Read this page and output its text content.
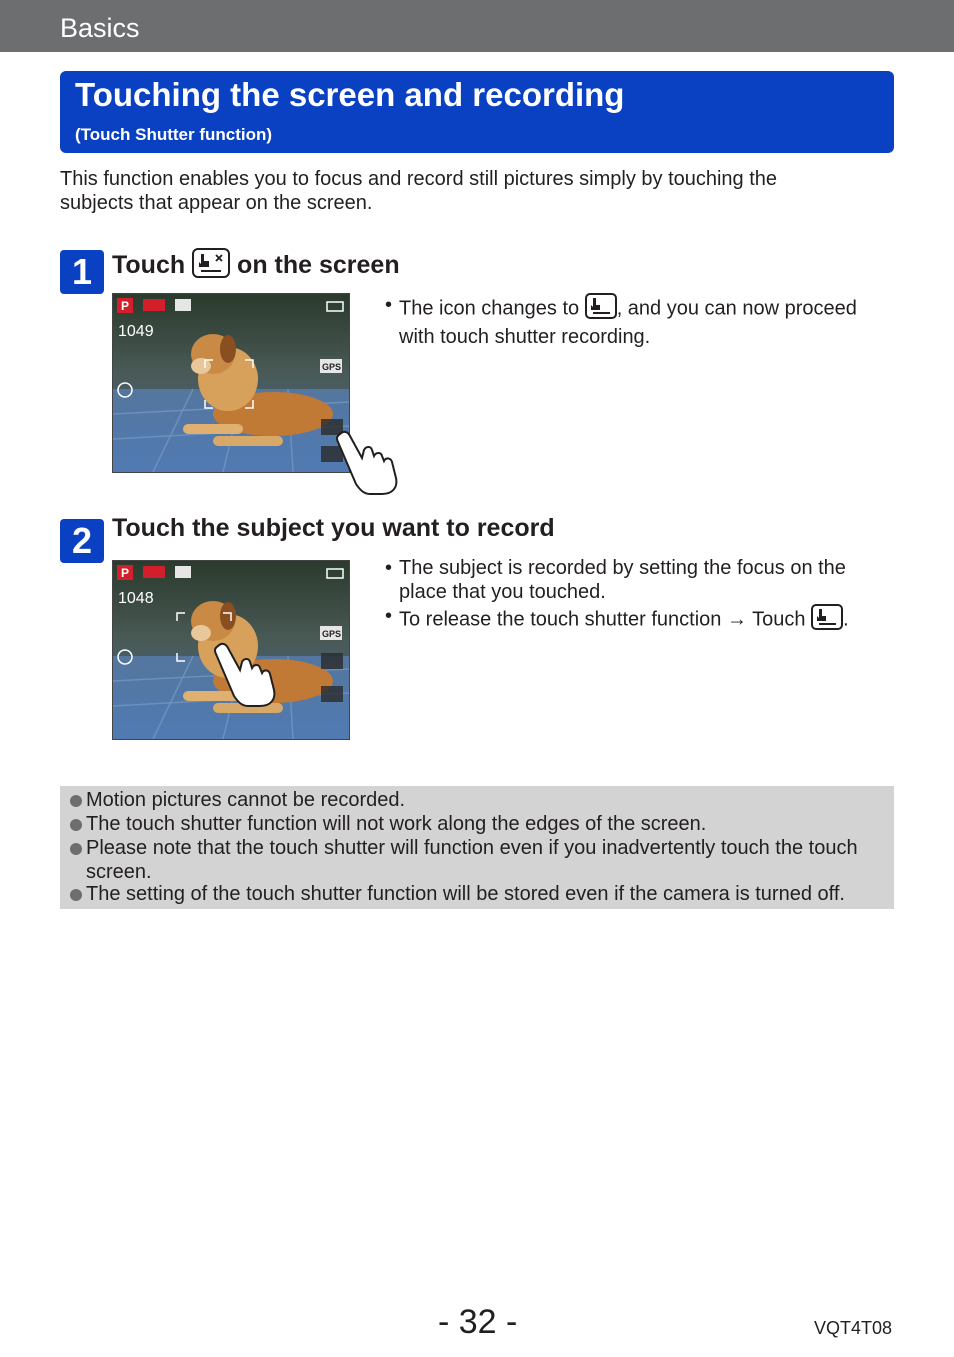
Basics
Touching the screen and recording
(Touch Shutter function)
This function enables you to focus and record still pictures simply by touching the subjects that appear on the screen.
1 Touch on the screen
P
1049
GPS
• The icon changes to , and you can now proceed with touch shutter recording.
2 Touch the subject you want to record
P
1048
GPS
• The subject is recorded by setting the focus on the place that you touched.
• To release the touch shutter function → Touch .
Motion pictures cannot be recorded.
The touch shutter function will not work along the edges of the screen.
Please note that the touch shutter will function even if you inadvertently touch the touch screen.
The setting of the touch shutter function will be stored even if the camera is turned off.
- 32 -	VQT4T08
